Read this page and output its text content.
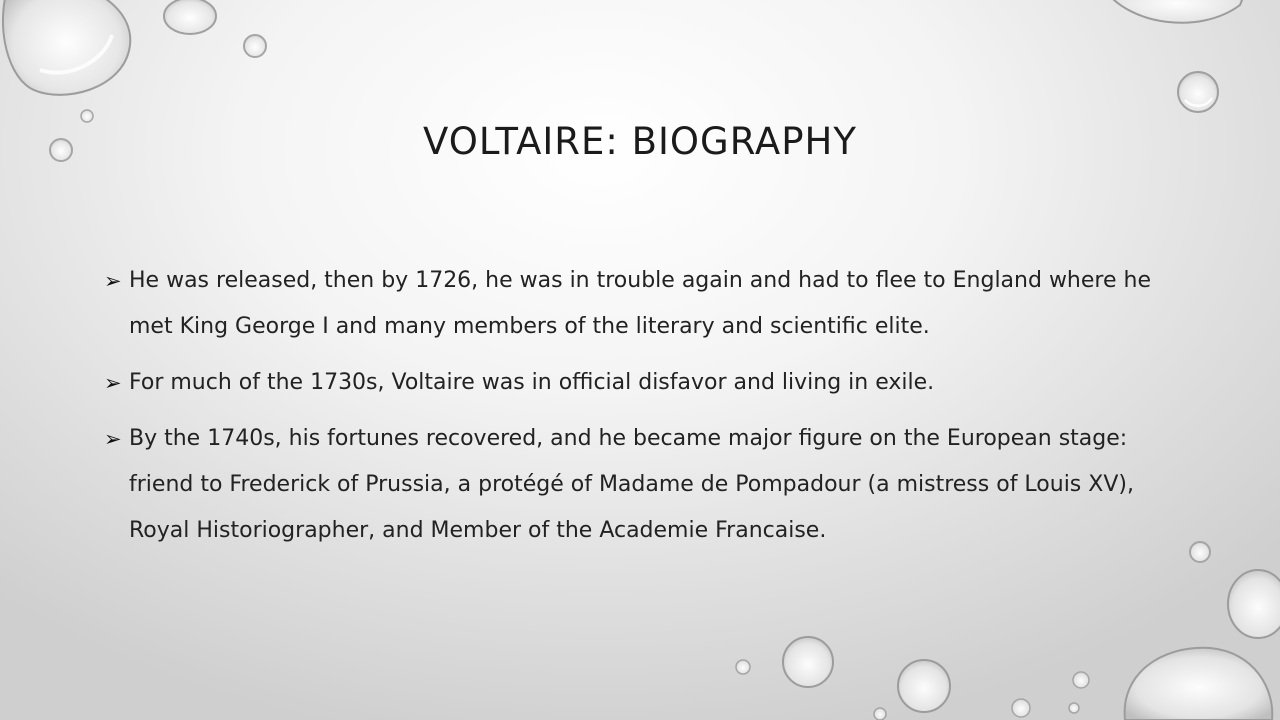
VOLTAIRE: BIOGRAPHY
➢ He was released, then by 1726, he was in trouble again and had to flee to England where he met King George I and many members of the literary and scientific elite.
➢ For much of the 1730s, Voltaire was in official disfavor and living in exile.
➢ By the 1740s, his fortunes recovered, and he became major figure on the European stage: friend to Frederick of Prussia, a protégé of Madame de Pompadour (a mistress of Louis XV), Royal Historiographer, and Member of the Academie Francaise.
